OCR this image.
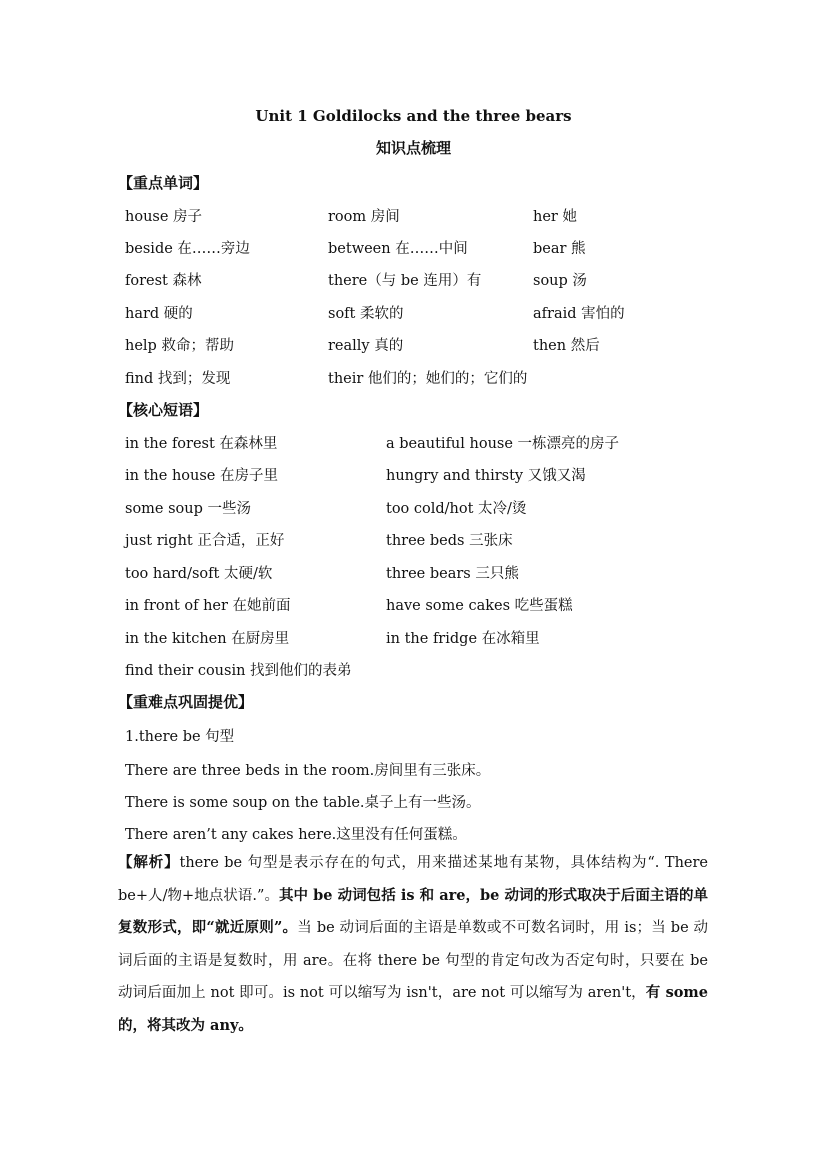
Unit 1 Goldilocks and the three bears
知识点梳理
【重点单词】
house 房子	room 房间	her 她
beside 在……旁边	between 在……中间	bear 熊
forest 森林	there（与 be 连用）有	soup 汤
hard 硬的	soft 柔软的	afraid 害怕的
help 救命；帮助	really 真的	then 然后
find 找到；发现	their 他们的；她们的；它们的
【核心短语】
in the forest 在森林里	a beautiful house 一栋漂亮的房子
in the house 在房子里	hungry and thirsty 又饿又渴
some soup 一些汤	too cold/hot 太冷/烫
just right 正合适，正好	three beds 三张床
too hard/soft 太硬/软	three bears 三只熊
in front of her 在她前面	have some cakes 吃些蛋糕
in the kitchen 在厨房里	in the fridge 在冰箱里
find their cousin 找到他们的表弟
【重难点巩固提优】
1.there be 句型
There are three beds in the room.房间里有三张床。
There is some soup on the table.桌子上有一些汤。
There aren’t any cakes here.这里没有任何蛋糕。
【解析】there be 句型是表示存在的句式，用来描述某地有某物，具体结构为“. There be+人/物+地点状语.”。其中 be 动词包括 is 和 are，be 动词的形式取决于后面主语的单复数形式，即“就近原则”。当 be 动词后面的主语是单数或不可数名词时，用 is；当 be 动词后面的主语是复数时，用 are。在将 there be 句型的肯定句改为否定句时，只要在 be 动词后面加上 not 即可。is not 可以缩写为 isn't，are not 可以缩写为 aren't，有 some 的，将其改为 any。
